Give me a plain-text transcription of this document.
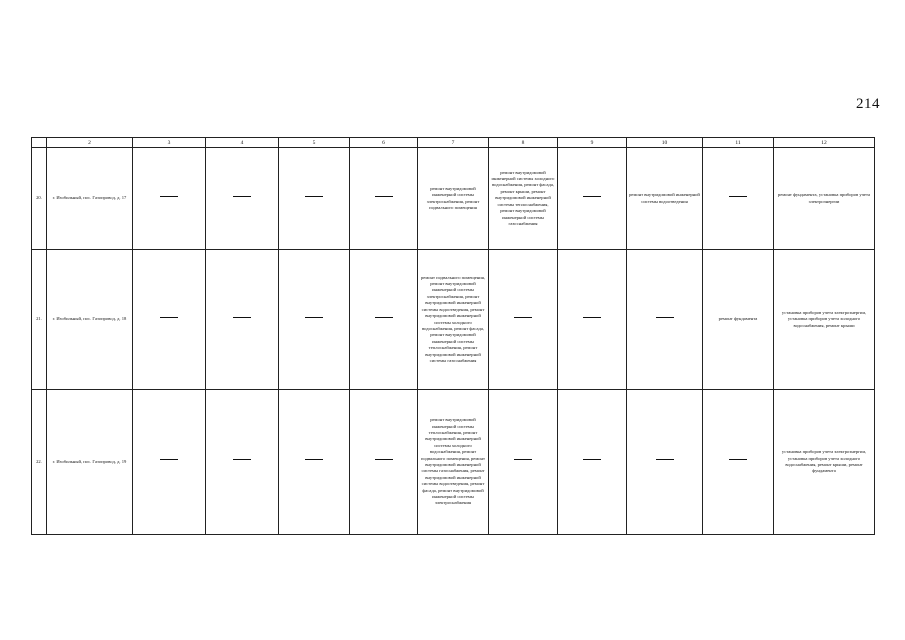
214
	2	3	4	5	6	7	8	9	10	11	12
20.	г. Изобильный, пос. Газопровод, д. 17					ремонт внутридомовой инженерной системы электроснабжения, ремонт подвального помещения	ремонт внутридомовой инженерной системы холодного водоснабжения, ремонт фасада, ремонт крыши, ремонт внутридомовой инженерной системы теплоснабжения, ремонт внутридомовой инженерной системы газоснабжения		ремонт внутридомовой инженерной системы водоотведения		ремонт фундамента, установка приборов учета электроэнергии
21.	г. Изобильный, пос. Газопровод, д. 18					ремонт подвального помещения, ремонт внутридомовой инженерной системы электроснабжения, ремонт внутридомовой инженерной системы водоотведения, ремонт внутридомовой инженерной системы холодного водоснабжения, ремонт фасада, ремонт внутридомовой инженерной системы теплоснабжения, ремонт внутридомовой инженерной системы газоснабжения				ремонт фундамента	установка приборов учета электроэнергии, установка приборов учета холодного водоснабжения, ремонт крыши
22.	г. Изобильный, пос. Газопровод, д. 19					ремонт внутридомовой инженерной системы теплоснабжения, ремонт внутридомовой инженерной системы холодного водоснабжения, ремонт подвального помещения, ремонт внутридомовой инженерной системы газоснабжения, ремонт внутридомовой инженерной системы водоотведения, ремонт фасада, ремонт внутридомовой инженерной системы электроснабжения					установка приборов учета электроэнергии, установка приборов учета холодного водоснабжения, ремонт крыши, ремонт фундамента
